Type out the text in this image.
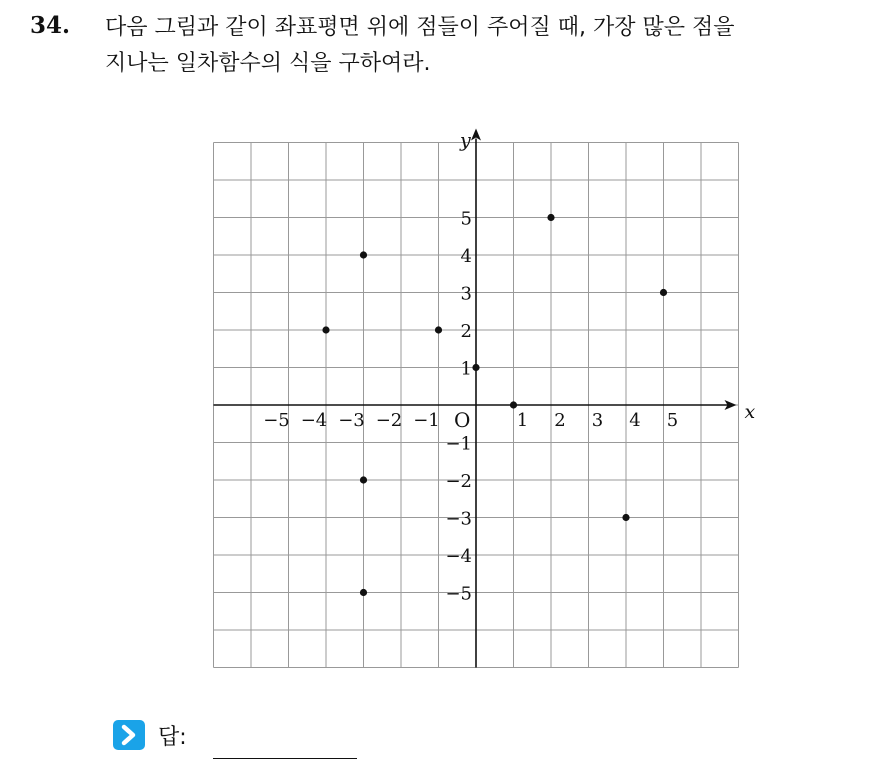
34. 다음 그림과 같이 좌표평면 위에 점들이 주어질 때, 가장 많은 점을
지나는 일차함수의 식을 구하여라.
−5 −4 −3 −2 −1	1 2 3 4 5
5
4
3
2
1
−1
−2
−3
−4
−5
O	x
y
답:
